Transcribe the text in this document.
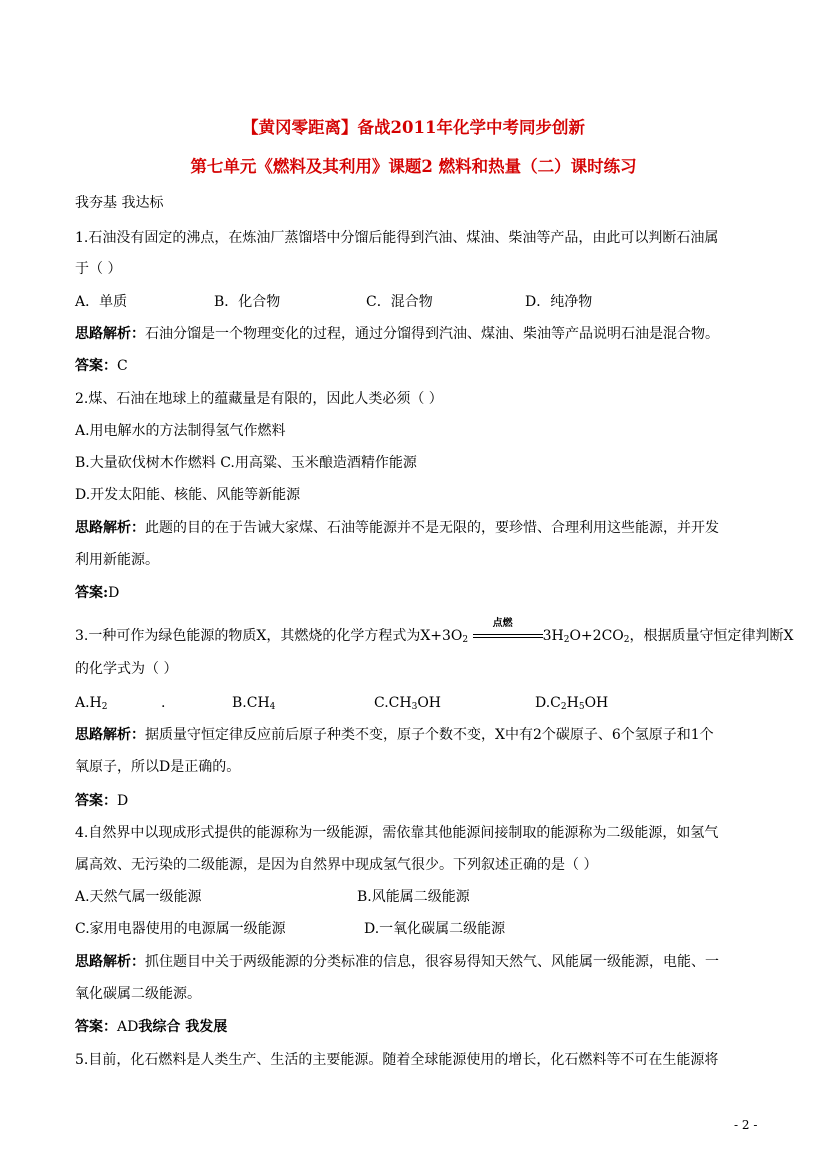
【黄冈零距离】备战2011年化学中考同步创新
第七单元《燃料及其利用》课题2 燃料和热量（二）课时练习
我夯基 我达标
1.石油没有固定的沸点，在炼油厂蒸馏塔中分馏后能得到汽油、煤油、柴油等产品，由此可以判断石油属
于（ ）
A．单质	B．化合物	C．混合物	D．纯净物
思路解析：石油分馏是一个物理变化的过程，通过分馏得到汽油、煤油、柴油等产品说明石油是混合物。
答案：C
2.煤、石油在地球上的蕴藏量是有限的，因此人类必须（ ）
A.用电解水的方法制得氢气作燃料
B.大量砍伐树木作燃料 C.用高粱、玉米酿造酒精作能源
D.开发太阳能、核能、风能等新能源
思路解析：此题的目的在于告诫大家煤、石油等能源并不是无限的，要珍惜、合理利用这些能源，并开发
利用新能源。
答案:D
3.一种可作为绿色能源的物质X，其燃烧的化学方程式为$X+3O_2$
点燃
$3H_2O+2CO_2$，根据质量守恒定律判断X
的化学式为（ ）
$A.H_2$	.	$B.CH_4$	$C.CH_3OH$	$D.C_2H_5OH$
思路解析：据质量守恒定律反应前后原子种类不变，原子个数不变，X中有2个碳原子、6个氢原子和1个
氧原子，所以D是正确的。
答案：D
4.自然界中以现成形式提供的能源称为一级能源，需依靠其他能源间接制取的能源称为二级能源，如氢气
属高效、无污染的二级能源，是因为自然界中现成氢气很少。下列叙述正确的是（ ）
A.天然气属一级能源	B.风能属二级能源
C.家用电器使用的电源属一级能源	D.一氧化碳属二级能源
思路解析：抓住题目中关于两级能源的分类标准的信息，很容易得知天然气、风能属一级能源，电能、一
氧化碳属二级能源。
答案：AD我综合 我发展
5.目前，化石燃料是人类生产、生活的主要能源。随着全球能源使用的增长，化石燃料等不可在生能源将
- 2 -
